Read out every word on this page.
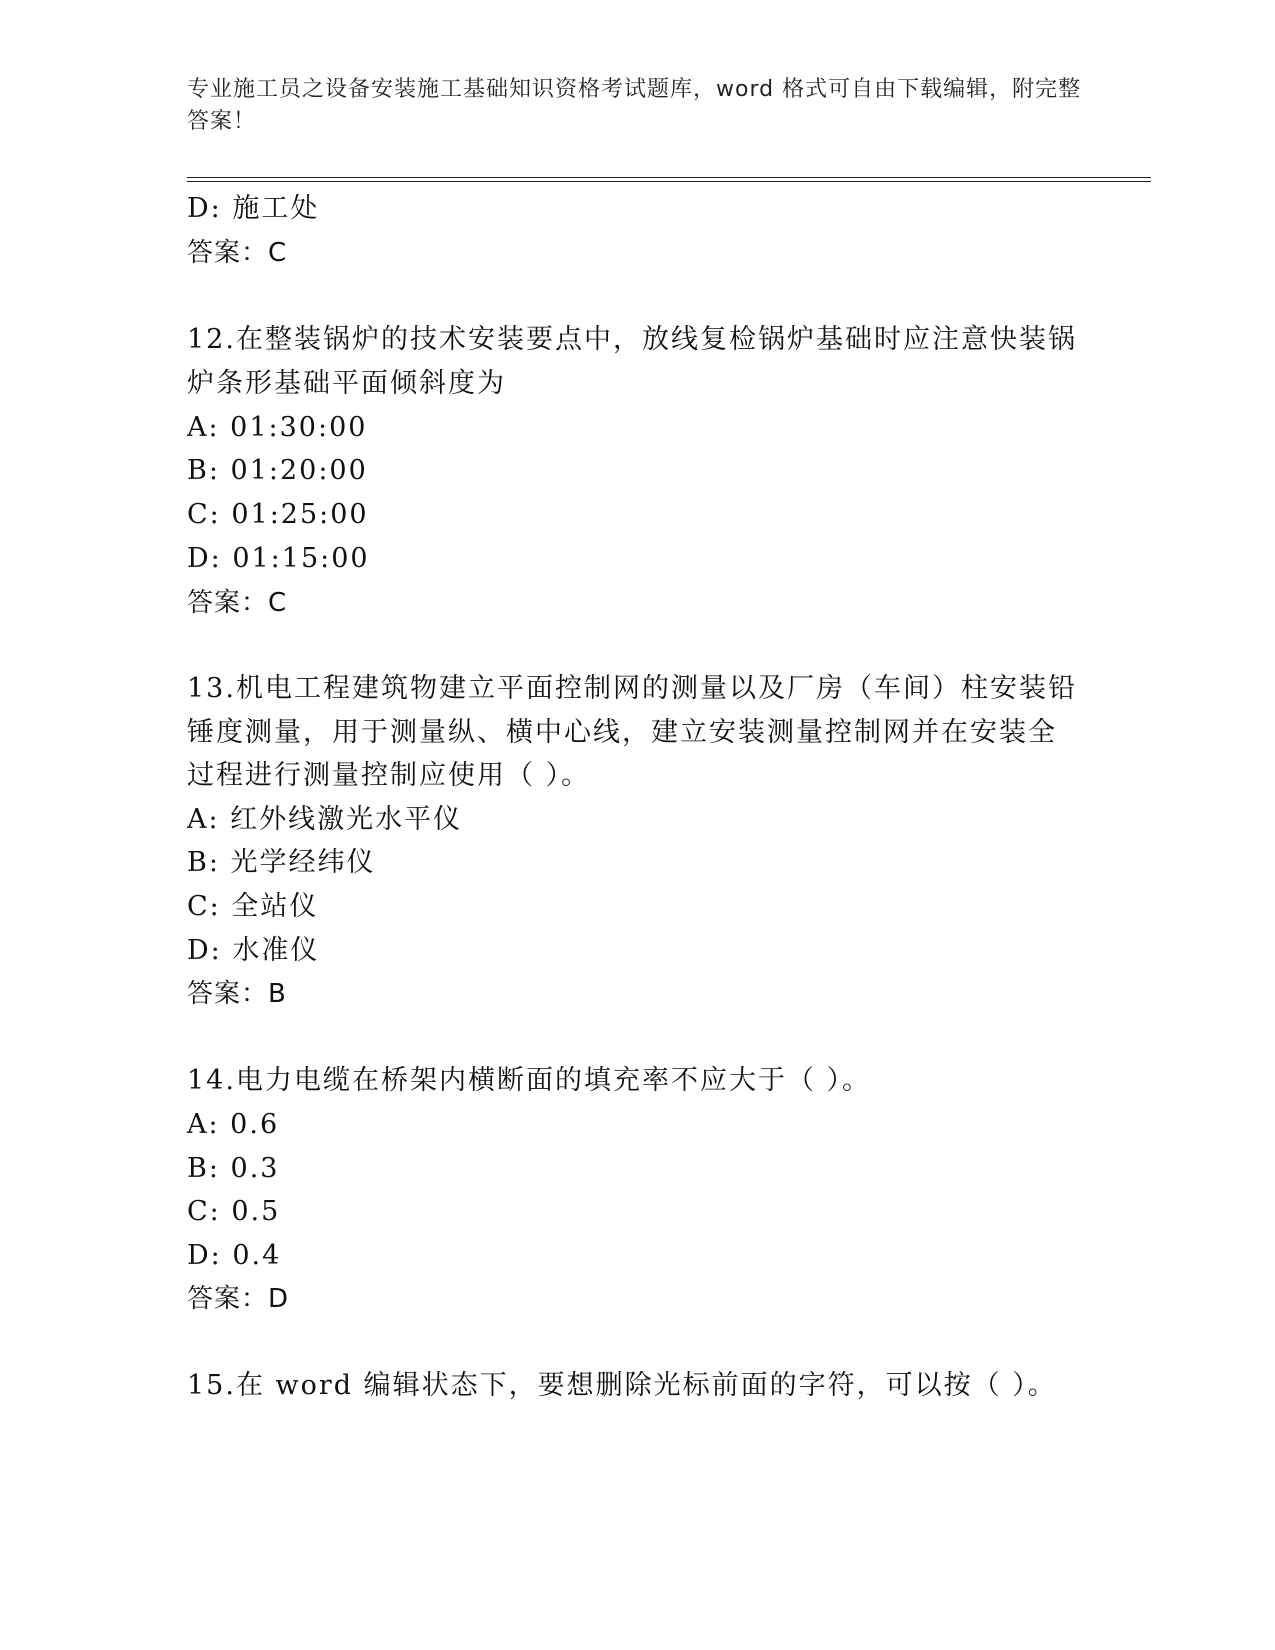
专业施工员之设备安装施工基础知识资格考试题库，word 格式可自由下载编辑，附完整答案！
D: 施工处
答案：C
12.在整装锅炉的技术安装要点中，放线复检锅炉基础时应注意快装锅
炉条形基础平面倾斜度为
A: 01:30:00
B: 01:20:00
C: 01:25:00
D: 01:15:00
答案：C
13.机电工程建筑物建立平面控制网的测量以及厂房（车间）柱安装铅
锤度测量，用于测量纵、横中心线，建立安装测量控制网并在安装全
过程进行测量控制应使用（ ）。
A: 红外线激光水平仪
B: 光学经纬仪
C: 全站仪
D: 水准仪
答案：B
14.电力电缆在桥架内横断面的填充率不应大于（ ）。
A: 0.6
B: 0.3
C: 0.5
D: 0.4
答案：D
15.在 word 编辑状态下，要想删除光标前面的字符，可以按（ ）。
